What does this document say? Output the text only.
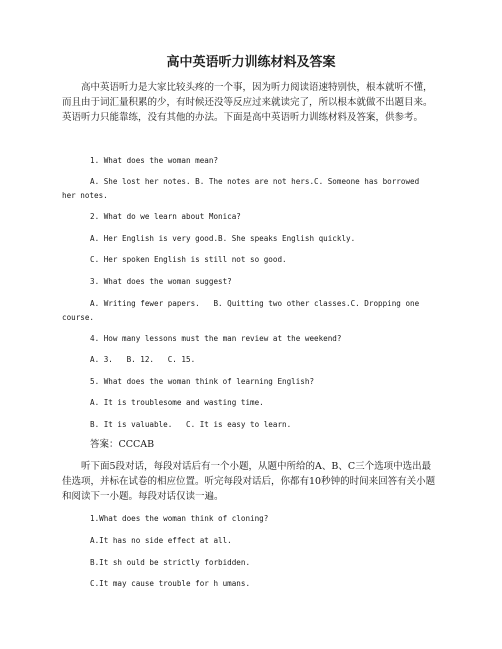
高中英语听力训练材料及答案

高中英语听力是大家比较头疼的一个事，因为听力阅读语速特别快，根本就听不懂，而且由于词汇量积累的少，有时候还没等反应过来就读完了，所以根本就做不出题目来。英语听力只能靠练，没有其他的办法。下面是高中英语听力训练材料及答案，供参考。

1. What does the woman mean?
A. She lost her notes. B. The notes are not hers.C. Someone has borrowed
her notes.
2. What do we learn about Monica?
A. Her English is very good.B. She speaks English quickly.
C. Her spoken English is still not so good.
3. What does the woman suggest?
A. Writing fewer papers.   B. Quitting two other classes.C. Dropping one
course.
4. How many lessons must the man review at the weekend?
A. 3.   B. 12.   C. 15.
5. What does the woman think of learning English?
A. It is troublesome and wasting time.
B. It is valuable.   C. It is easy to learn.
答案：CCCAB
听下面5段对话，每段对话后有一个小题，从题中所给的A、B、C三个选项中选出最佳选项，并标在试卷的相应位置。听完每段对话后，你都有10秒钟的时间来回答有关小题和阅读下一小题。每段对话仅读一遍。
1.What does the woman think of cloning?
A.It has no side effect at all.
B.It sh ould be strictly forbidden.
C.It may cause trouble for h umans.
